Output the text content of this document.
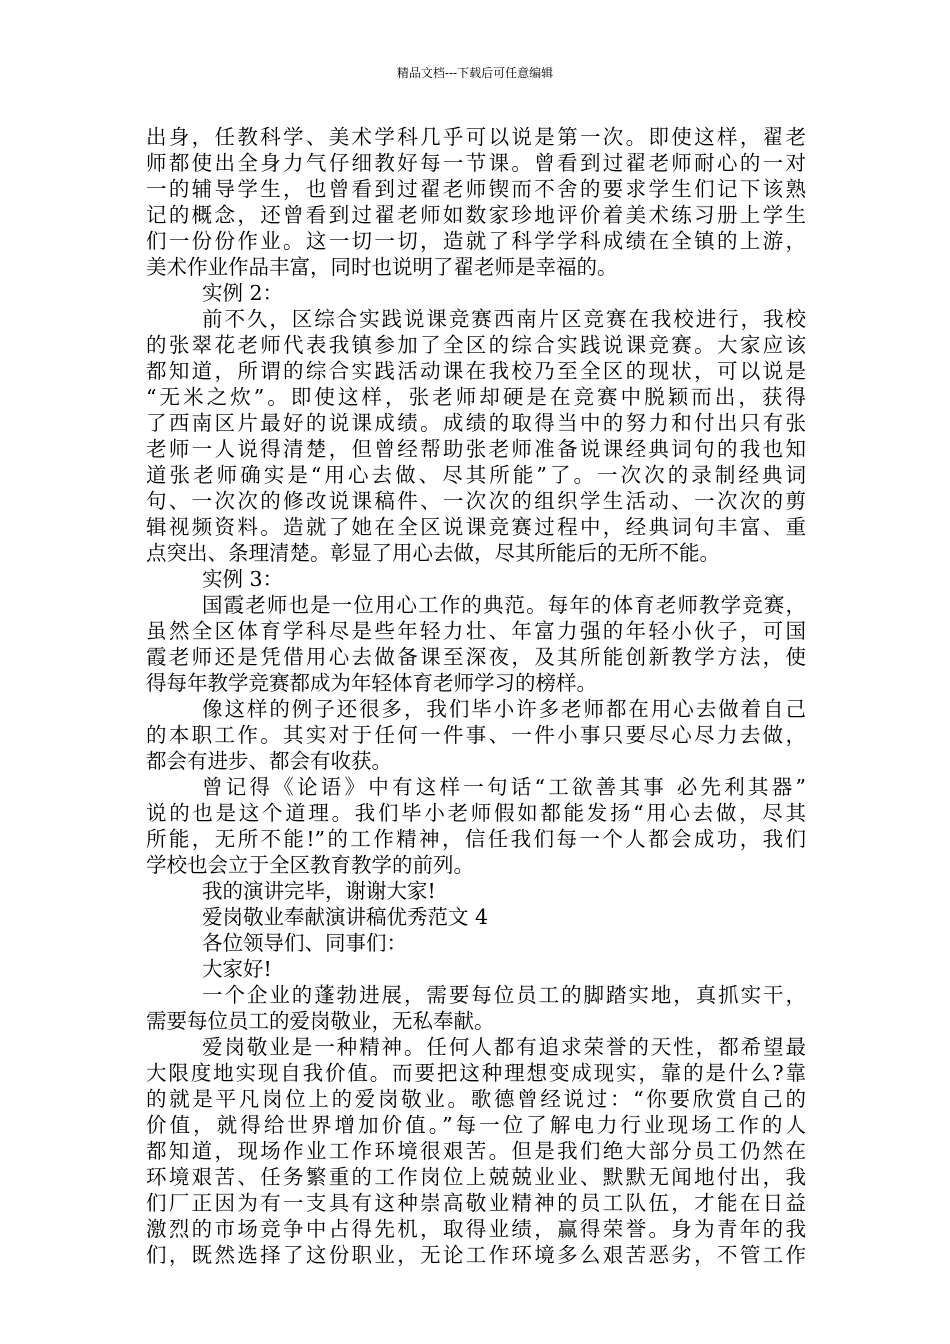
精品文档---下载后可任意编辑
出身，任教科学、美术学科几乎可以说是第一次。即使这样，翟老
师都使出全身力气仔细教好每一节课。曾看到过翟老师耐心的一对
一的辅导学生，也曾看到过翟老师锲而不舍的要求学生们记下该熟
记的概念，还曾看到过翟老师如数家珍地评价着美术练习册上学生
们一份份作业。这一切一切，造就了科学学科成绩在全镇的上游，
美术作业作品丰富，同时也说明了翟老师是幸福的。
实例 2：
前不久，区综合实践说课竞赛西南片区竞赛在我校进行，我校
的张翠花老师代表我镇参加了全区的综合实践说课竞赛。大家应该
都知道，所谓的综合实践活动课在我校乃至全区的现状，可以说是
“无米之炊”。即使这样，张老师却硬是在竞赛中脱颖而出，获得
了西南区片最好的说课成绩。成绩的取得当中的努力和付出只有张
老师一人说得清楚，但曾经帮助张老师准备说课经典词句的我也知
道张老师确实是“用心去做、尽其所能”了。一次次的录制经典词
句、一次次的修改说课稿件、一次次的组织学生活动、一次次的剪
辑视频资料。造就了她在全区说课竞赛过程中，经典词句丰富、重
点突出、条理清楚。彰显了用心去做，尽其所能后的无所不能。
实例 3：
国霞老师也是一位用心工作的典范。每年的体育老师教学竞赛，
虽然全区体育学科尽是些年轻力壮、年富力强的年轻小伙子，可国
霞老师还是凭借用心去做备课至深夜，及其所能创新教学方法，使
得每年教学竞赛都成为年轻体育老师学习的榜样。
像这样的例子还很多，我们毕小许多老师都在用心去做着自己
的本职工作。其实对于任何一件事、一件小事只要尽心尽力去做，
都会有进步、都会有收获。
曾记得《论语》中有这样一句话“工欲善其事 必先利其器”
说的也是这个道理。我们毕小老师假如都能发扬“用心去做，尽其
所能，无所不能!”的工作精神，信任我们每一个人都会成功，我们
学校也会立于全区教育教学的前列。
我的演讲完毕，谢谢大家!
爱岗敬业奉献演讲稿优秀范文 4
各位领导们、同事们：
大家好!
一个企业的蓬勃进展，需要每位员工的脚踏实地，真抓实干，
需要每位员工的爱岗敬业，无私奉献。
爱岗敬业是一种精神。任何人都有追求荣誉的天性，都希望最
大限度地实现自我价值。而要把这种理想变成现实，靠的是什么?靠
的就是平凡岗位上的爱岗敬业。歌德曾经说过：“你要欣赏自己的
价值，就得给世界增加价值。”每一位了解电力行业现场工作的人
都知道，现场作业工作环境很艰苦。但是我们绝大部分员工仍然在
环境艰苦、任务繁重的工作岗位上兢兢业业、默默无闻地付出，我
们厂正因为有一支具有这种崇高敬业精神的员工队伍，才能在日益
激烈的市场竞争中占得先机，取得业绩，赢得荣誉。身为青年的我
们，既然选择了这份职业，无论工作环境多么艰苦恶劣，不管工作
